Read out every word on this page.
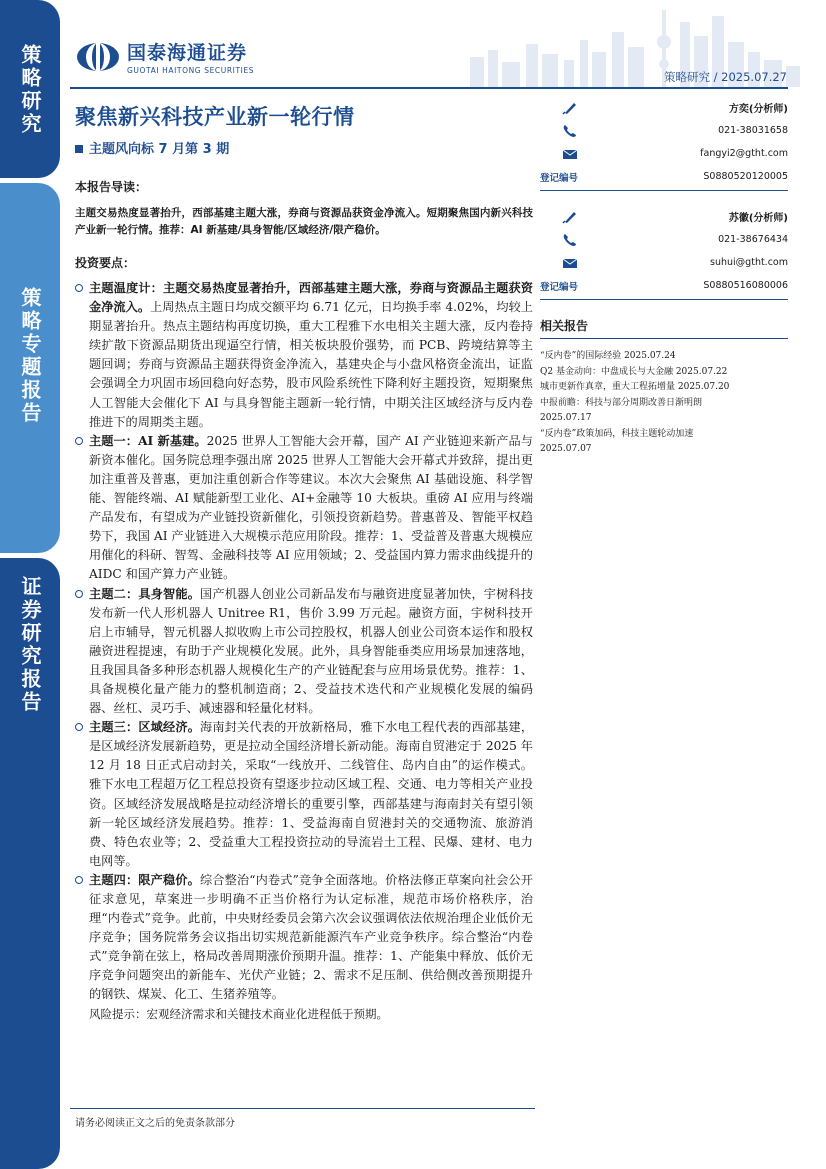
策略研究
策略专题报告
证券研究报告
国泰海通证券
GUOTAI HAITONG SECURITIES	策略研究 / 2025.07.27
聚焦新兴科技产业新一轮行情
主题风向标 7 月第 3 期
方奕(分析师)
021-38031658
fangyi2@gtht.com
登记编号	S0880520120005
苏徽(分析师)
021-38676434
suhui@gtht.com
登记编号	S0880516080006
相关报告
“反内卷”的国际经验 2025.07.24
Q2 基金动向：中盘成长与大金融 2025.07.22
城市更新作真章，重大工程拓增量 2025.07.20
中报前瞻：科技与部分周期改善日渐明朗
2025.07.17
“反内卷”政策加码，科技主题轮动加速
2025.07.07
本报告导读：
主题交易热度显著抬升，西部基建主题大涨，券商与资源品获资金净流入。短期聚焦国内新兴科技产业新一轮行情。推荐：AI 新基建/具身智能/区域经济/限产稳价。
投资要点：
主题温度计：主题交易热度显著抬升，西部基建主题大涨，券商与资源品主题获资金净流入。上周热点主题日均成交额平均 6.71 亿元，日均换手率 4.02%，均较上期显著抬升。热点主题结构再度切换，重大工程雅下水电相关主题大涨，反内卷持续扩散下资源品期货出现逼空行情，相关板块股价强势，而 PCB、跨境结算等主题回调；券商与资源品主题获得资金净流入，基建央企与小盘风格资金流出，证监会强调全力巩固市场回稳向好态势，股市风险系统性下降利好主题投资，短期聚焦人工智能大会催化下 AI 与具身智能主题新一轮行情，中期关注区域经济与反内卷推进下的周期类主题。
主题一：AI 新基建。2025 世界人工智能大会开幕，国产 AI 产业链迎来新产品与新资本催化。国务院总理李强出席 2025 世界人工智能大会开幕式并致辞，提出更加注重普及普惠，更加注重创新合作等建议。本次大会聚焦 AI 基础设施、科学智能、智能终端、AI 赋能新型工业化、AI+金融等 10 大板块。重磅 AI 应用与终端产品发布，有望成为产业链投资新催化，引领投资新趋势。普惠普及、智能平权趋势下，我国 AI 产业链进入大规模示范应用阶段。推荐：1、受益普及普惠大规模应用催化的科研、智驾、金融科技等 AI 应用领域；2、受益国内算力需求曲线提升的 AIDC 和国产算力产业链。
主题二：具身智能。国产机器人创业公司新品发布与融资进度显著加快，宇树科技发布新一代人形机器人 Unitree R1，售价 3.99 万元起。融资方面，宇树科技开启上市辅导，智元机器人拟收购上市公司控股权，机器人创业公司资本运作和股权融资进程提速，有助于产业规模化发展。此外，具身智能垂类应用场景加速落地，且我国具备多种形态机器人规模化生产的产业链配套与应用场景优势。推荐：1、具备规模化量产能力的整机制造商；2、受益技术迭代和产业规模化发展的编码器、丝杠、灵巧手、减速器和轻量化材料。
主题三：区域经济。海南封关代表的开放新格局，雅下水电工程代表的西部基建，是区域经济发展新趋势，更是拉动全国经济增长新动能。海南自贸港定于 2025 年 12 月 18 日正式启动封关，采取“一线放开、二线管住、岛内自由”的运作模式。雅下水电工程超万亿工程总投资有望逐步拉动区域工程、交通、电力等相关产业投资。区域经济发展战略是拉动经济增长的重要引擎，西部基建与海南封关有望引领新一轮区域经济发展趋势。推荐：1、受益海南自贸港封关的交通物流、旅游消费、特色农业等；2、受益重大工程投资拉动的导流岩土工程、民爆、建材、电力电网等。
主题四：限产稳价。综合整治“内卷式”竞争全面落地。价格法修正草案向社会公开征求意见，草案进一步明确不正当价格行为认定标准，规范市场价格秩序，治理“内卷式”竞争。此前，中央财经委员会第六次会议强调依法依规治理企业低价无序竞争；国务院常务会议指出切实规范新能源汽车产业竞争秩序。综合整治“内卷式”竞争箭在弦上，格局改善周期涨价预期升温。推荐：1、产能集中释放、低价无序竞争问题突出的新能车、光伏产业链；2、需求不足压制、供给侧改善预期提升的钢铁、煤炭、化工、生猪养殖等。
风险提示：宏观经济需求和关键技术商业化进程低于预期。
请务必阅读正文之后的免责条款部分
